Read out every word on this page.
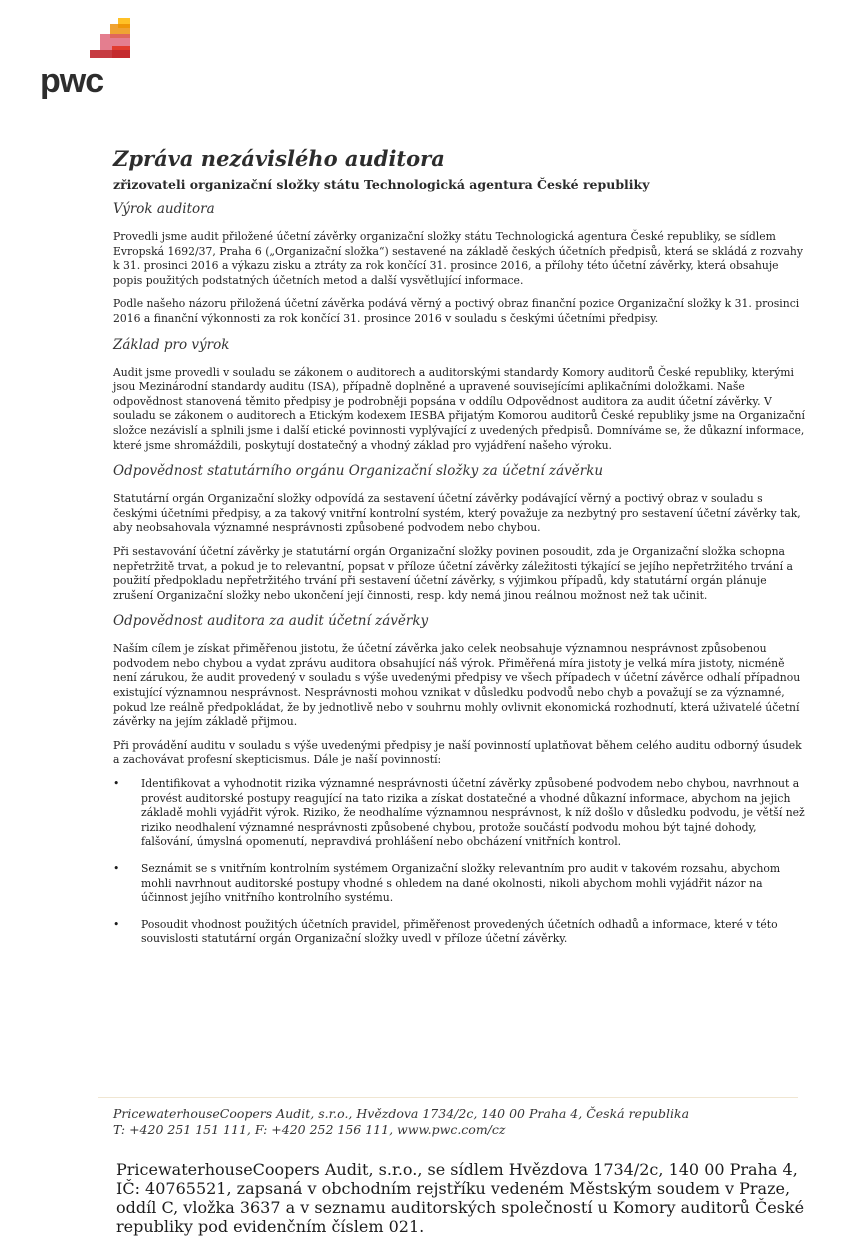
pwc
Zpráva nezávislého auditora
zřizovateli organizační složky státu Technologická agentura České republiky
Výrok auditora

Provedli jsme audit přiložené účetní závěrky organizační složky státu Technologická agentura České republiky, se sídlem Evropská 1692/37, Praha 6 („Organizační složka“) sestavené na základě českých účetních předpisů, která se skládá z rozvahy k 31. prosinci 2016 a výkazu zisku a ztráty za rok končící 31. prosince 2016, a přílohy této účetní závěrky, která obsahuje popis použitých podstatných účetních metod a další vysvětlující informace.

Podle našeho názoru přiložená účetní závěrka podává věrný a poctivý obraz finanční pozice Organizační složky k 31. prosinci 2016 a finanční výkonnosti za rok končící 31. prosince 2016 v souladu s českými účetními předpisy.

Základ pro výrok

Audit jsme provedli v souladu se zákonem o auditorech a auditorskými standardy Komory auditorů České republiky, kterými jsou Mezinárodní standardy auditu (ISA), případně doplněné a upravené souvisejícími aplikačními doložkami. Naše odpovědnost stanovená těmito předpisy je podrobněji popsána v oddílu Odpovědnost auditora za audit účetní závěrky. V souladu se zákonem o auditorech a Etickým kodexem IESBA přijatým Komorou auditorů České republiky jsme na Organizační složce nezávislí a splnili jsme i další etické povinnosti vyplývající z uvedených předpisů. Domníváme se, že důkazní informace, které jsme shromáždili, poskytují dostatečný a vhodný základ pro vyjádření našeho výroku.

Odpovědnost statutárního orgánu Organizační složky za účetní závěrku

Statutární orgán Organizační složky odpovídá za sestavení účetní závěrky podávající věrný a poctivý obraz v souladu s českými účetními předpisy, a za takový vnitřní kontrolní systém, který považuje za nezbytný pro sestavení účetní závěrky tak, aby neobsahovala významné nesprávnosti způsobené podvodem nebo chybou.

Při sestavování účetní závěrky je statutární orgán Organizační složky povinen posoudit, zda je Organizační složka schopna nepřetržitě trvat, a pokud je to relevantní, popsat v příloze účetní závěrky záležitosti týkající se jejího nepřetržitého trvání a použití předpokladu nepřetržitého trvání při sestavení účetní závěrky, s výjimkou případů, kdy statutární orgán plánuje zrušení Organizační složky nebo ukončení její činnosti, resp. kdy nemá jinou reálnou možnost než tak učinit.

Odpovědnost auditora za audit účetní závěrky

Naším cílem je získat přiměřenou jistotu, že účetní závěrka jako celek neobsahuje významnou nesprávnost způsobenou podvodem nebo chybou a vydat zprávu auditora obsahující náš výrok. Přiměřená míra jistoty je velká míra jistoty, nicméně není zárukou, že audit provedený v souladu s výše uvedenými předpisy ve všech případech v účetní závěrce odhalí případnou existující významnou nesprávnost. Nesprávnosti mohou vznikat v důsledku podvodů nebo chyb a považují se za významné, pokud lze reálně předpokládat, že by jednotlivě nebo v souhrnu mohly ovlivnit ekonomická rozhodnutí, která uživatelé účetní závěrky na jejím základě přijmou.

Při provádění auditu v souladu s výše uvedenými předpisy je naší povinností uplatňovat během celého auditu odborný úsudek a zachovávat profesní skepticismus. Dále je naší povinností:

• Identifikovat a vyhodnotit rizika významné nesprávnosti účetní závěrky způsobené podvodem nebo chybou, navrhnout a provést auditorské postupy reagující na tato rizika a získat dostatečné a vhodné důkazní informace, abychom na jejich základě mohli vyjádřit výrok. Riziko, že neodhalíme významnou nesprávnost, k níž došlo v důsledku podvodu, je větší než riziko neodhalení významné nesprávnosti způsobené chybou, protože součástí podvodu mohou být tajné dohody, falšování, úmyslná opomenutí, nepravdivá prohlášení nebo obcházení vnitřních kontrol.
• Seznámit se s vnitřním kontrolním systémem Organizační složky relevantním pro audit v takovém rozsahu, abychom mohli navrhnout auditorské postupy vhodné s ohledem na dané okolnosti, nikoli abychom mohli vyjádřit názor na účinnost jejího vnitřního kontrolního systému.
• Posoudit vhodnost použitých účetních pravidel, přiměřenost provedených účetních odhadů a informace, které v této souvislosti statutární orgán Organizační složky uvedl v příloze účetní závěrky.

PricewaterhouseCoopers Audit, s.r.o., Hvězdova 1734/2c, 140 00 Praha 4, Česká republika

T: +420 251 151 111, F: +420 252 156 111, www.pwc.com/cz

PricewaterhouseCoopers Audit, s.r.o., se sídlem Hvězdova 1734/2c, 140 00 Praha 4, IČ: 40765521, zapsaná v obchodním rejstříku vedeném Městským soudem v Praze, oddíl C, vložka 3637 a v seznamu auditorských společností u Komory auditorů České republiky pod evidenčním číslem 021.
